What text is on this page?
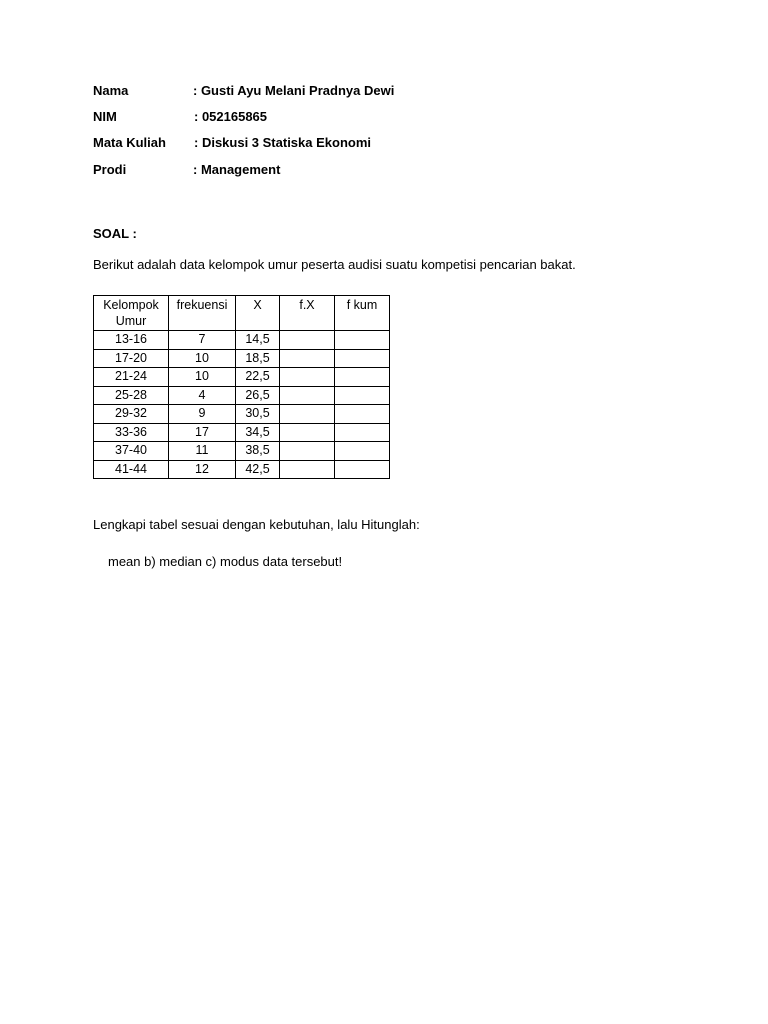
Nama	: Gusti Ayu Melani Pradnya Dewi
NIM	: 052165865
Mata Kuliah : Diskusi 3 Statiska Ekonomi
Prodi	: Management
SOAL :
Berikut adalah data kelompok umur peserta audisi suatu kompetisi pencarian bakat.
Kelompok
Umur	frekuensi	X	f.X	f kum
13-16	7	14,5		
17-20	10	18,5		
21-24	10	22,5		
25-28	4	26,5		
29-32	9	30,5		
33-36	17	34,5		
37-40	11	38,5		
41-44	12	42,5		
Lengkapi tabel sesuai dengan kebutuhan, lalu Hitunglah:
mean b) median c) modus data tersebut!
